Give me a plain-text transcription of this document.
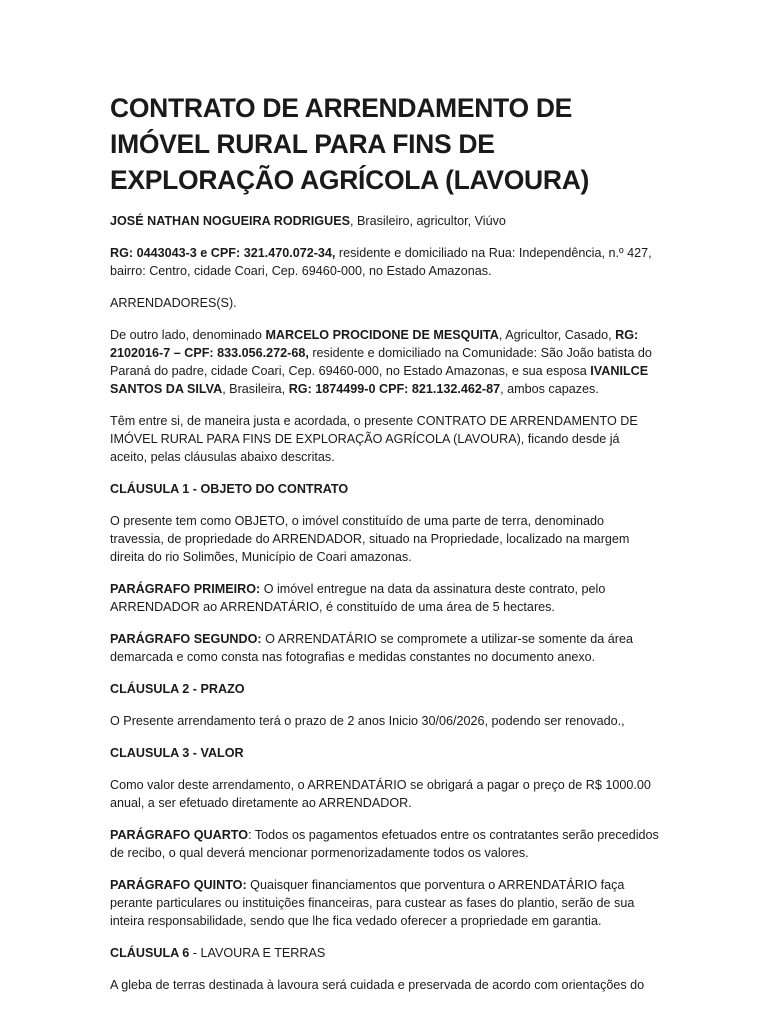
CONTRATO DE ARRENDAMENTO DE IMÓVEL RURAL PARA FINS DE EXPLORAÇÃO AGRÍCOLA (LAVOURA)

JOSÉ NATHAN NOGUEIRA RODRIGUES, Brasileiro, agricultor, Viúvo

RG: 0443043-3 e CPF: 321.470.072-34, residente e domiciliado na Rua: Independência, n.º 427, bairro: Centro, cidade Coari, Cep. 69460-000, no Estado Amazonas.

ARRENDADORES(S).

De outro lado, denominado MARCELO PROCIDONE DE MESQUITA, Agricultor, Casado, RG: 2102016-7 – CPF: 833.056.272-68, residente e domiciliado na Comunidade: São João batista do Paraná do padre, cidade Coari, Cep. 69460-000, no Estado Amazonas, e sua esposa IVANILCE SANTOS DA SILVA, Brasileira, RG: 1874499-0 CPF: 821.132.462-87, ambos capazes.

Têm entre si, de maneira justa e acordada, o presente CONTRATO DE ARRENDAMENTO DE IMÓVEL RURAL PARA FINS DE EXPLORAÇÃO AGRÍCOLA (LAVOURA), ficando desde já aceito, pelas cláusulas abaixo descritas.

CLÁUSULA 1 - OBJETO DO CONTRATO

O presente tem como OBJETO, o imóvel constituído de uma parte de terra, denominado travessia, de propriedade do ARRENDADOR, situado na Propriedade, localizado na margem direita do rio Solimões, Município de Coari amazonas.

PARÁGRAFO PRIMEIRO: O imóvel entregue na data da assinatura deste contrato, pelo ARRENDADOR ao ARRENDATÁRIO, é constituído de uma área de 5 hectares.

PARÁGRAFO SEGUNDO: O ARRENDATÁRIO se compromete a utilizar-se somente da área demarcada e como consta nas fotografias e medidas constantes no documento anexo.

CLÁUSULA 2 - PRAZO

O Presente arrendamento terá o prazo de 2 anos Inicio 30/06/2026, podendo ser renovado.,

CLAUSULA 3 - VALOR

Como valor deste arrendamento, o ARRENDATÁRIO se obrigará a pagar o preço de R$ 1000.00 anual, a ser efetuado diretamente ao ARRENDADOR.

PARÁGRAFO QUARTO: Todos os pagamentos efetuados entre os contratantes serão precedidos de recibo, o qual deverá mencionar pormenorizadamente todos os valores.

PARÁGRAFO QUINTO: Quaisquer financiamentos que porventura o ARRENDATÁRIO faça perante particulares ou instituições financeiras, para custear as fases do plantio, serão de sua inteira responsabilidade, sendo que lhe fica vedado oferecer a propriedade em garantia.

CLÁUSULA 6 - LAVOURA E TERRAS

A gleba de terras destinada à lavoura será cuidada e preservada de acordo com orientações do
